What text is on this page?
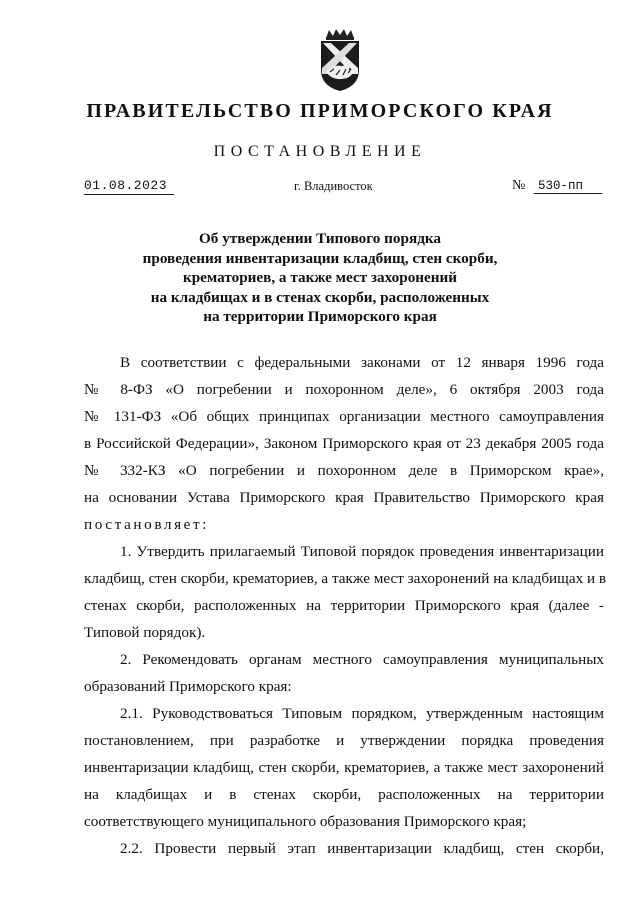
ПРАВИТЕЛЬСТВО ПРИМОРСКОГО КРАЯ
ПОСТАНОВЛЕНИЕ
01.08.2023	г. Владивосток	№ 530-пп
Об утверждении Типового порядка
проведения инвентаризации кладбищ, стен скорби,
крематориев, а также мест захоронений
на кладбищах и в стенах скорби, расположенных
на территории Приморского края
В соответствии с федеральными законами от 12 января 1996 года
№ 8-ФЗ «О погребении и похоронном деле», 6 октября 2003 года
№ 131-ФЗ «Об общих принципах организации местного самоуправления
в Российской Федерации», Законом Приморского края от 23 декабря 2005 года
№ 332-КЗ «О погребении и похоронном деле в Приморском крае»,
на основании Устава Приморского края Правительство Приморского края
постановляет:
1. Утвердить прилагаемый Типовой порядок проведения инвентаризации
кладбищ, стен скорби, крематориев, а также мест захоронений на кладбищах и в
стенах скорби, расположенных на территории Приморского края (далее -
Типовой порядок).
2. Рекомендовать органам местного самоуправления муниципальных
образований Приморского края:
2.1. Руководствоваться Типовым порядком, утвержденным настоящим
постановлением, при разработке и утверждении порядка проведения
инвентаризации кладбищ, стен скорби, крематориев, а также мест захоронений
на кладбищах и в стенах скорби, расположенных на территории
соответствующего муниципального образования Приморского края;
2.2. Провести первый этап инвентаризации кладбищ, стен скорби,
